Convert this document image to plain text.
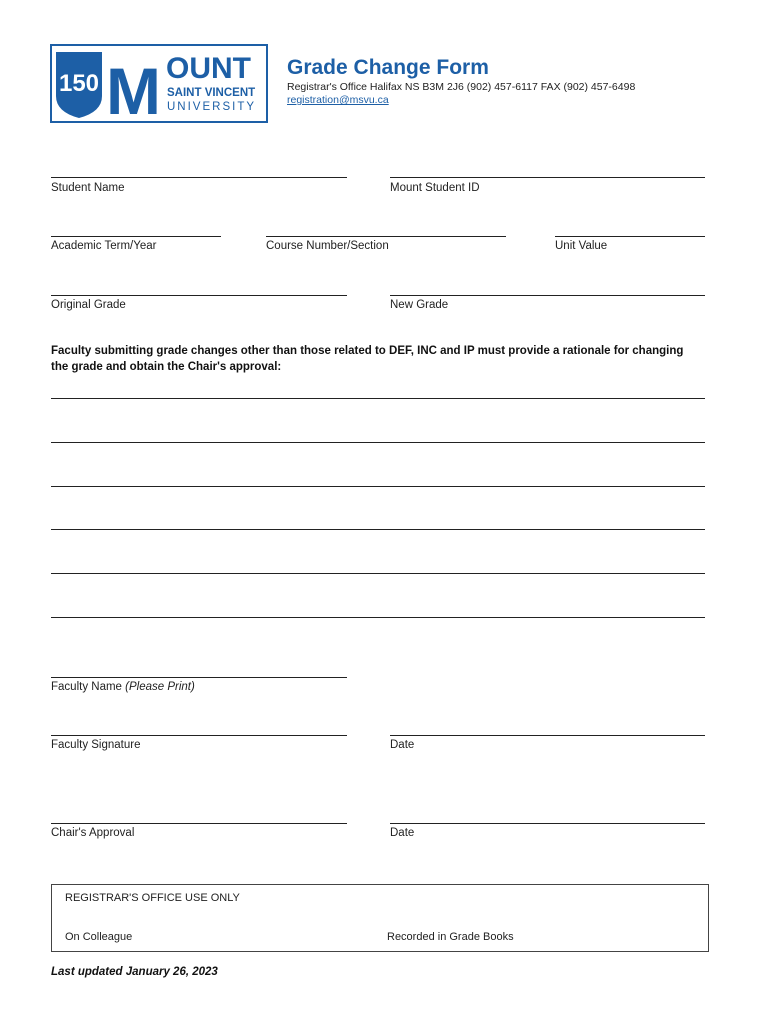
150 M OUNT
SAINT VINCENT
UNIVERSITY
Grade Change Form
Registrar's Office Halifax NS B3M 2J6 (902) 457-6117 FAX (902) 457-6498
registration@msvu.ca
Student Name	Mount Student ID
Academic Term/Year	Course Number/Section	Unit Value
Original Grade	New Grade
Faculty submitting grade changes other than those related to DEF, INC and IP must provide a rationale for changing the grade and obtain the Chair's approval:
Faculty Name (Please Print)
Faculty Signature	Date
Chair's Approval	Date
REGISTRAR'S OFFICE USE ONLY
On Colleague	Recorded in Grade Books
Last updated January 26, 2023
